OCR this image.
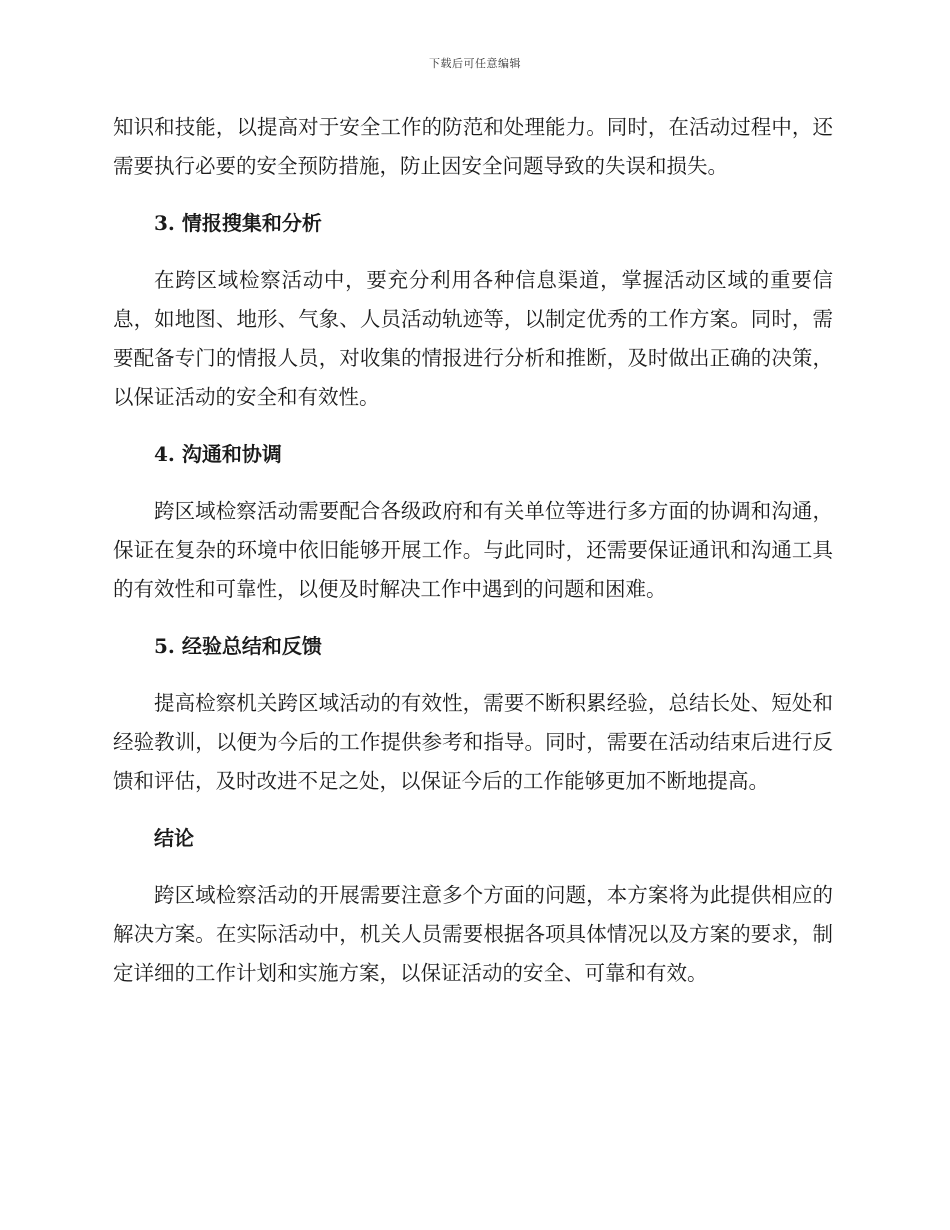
下载后可任意编辑

知识和技能，以提高对于安全工作的防范和处理能力。同时，在活动过程中，还需要执行必要的安全预防措施，防止因安全问题导致的失误和损失。

3. 情报搜集和分析

在跨区域检察活动中，要充分利用各种信息渠道，掌握活动区域的重要信息，如地图、地形、气象、人员活动轨迹等，以制定优秀的工作方案。同时，需要配备专门的情报人员，对收集的情报进行分析和推断，及时做出正确的决策，以保证活动的安全和有效性。

4. 沟通和协调

跨区域检察活动需要配合各级政府和有关单位等进行多方面的协调和沟通，保证在复杂的环境中依旧能够开展工作。与此同时，还需要保证通讯和沟通工具的有效性和可靠性，以便及时解决工作中遇到的问题和困难。

5. 经验总结和反馈

提高检察机关跨区域活动的有效性，需要不断积累经验，总结长处、短处和经验教训，以便为今后的工作提供参考和指导。同时，需要在活动结束后进行反馈和评估，及时改进不足之处，以保证今后的工作能够更加不断地提高。

结论

跨区域检察活动的开展需要注意多个方面的问题，本方案将为此提供相应的解决方案。在实际活动中，机关人员需要根据各项具体情况以及方案的要求，制定详细的工作计划和实施方案，以保证活动的安全、可靠和有效。
